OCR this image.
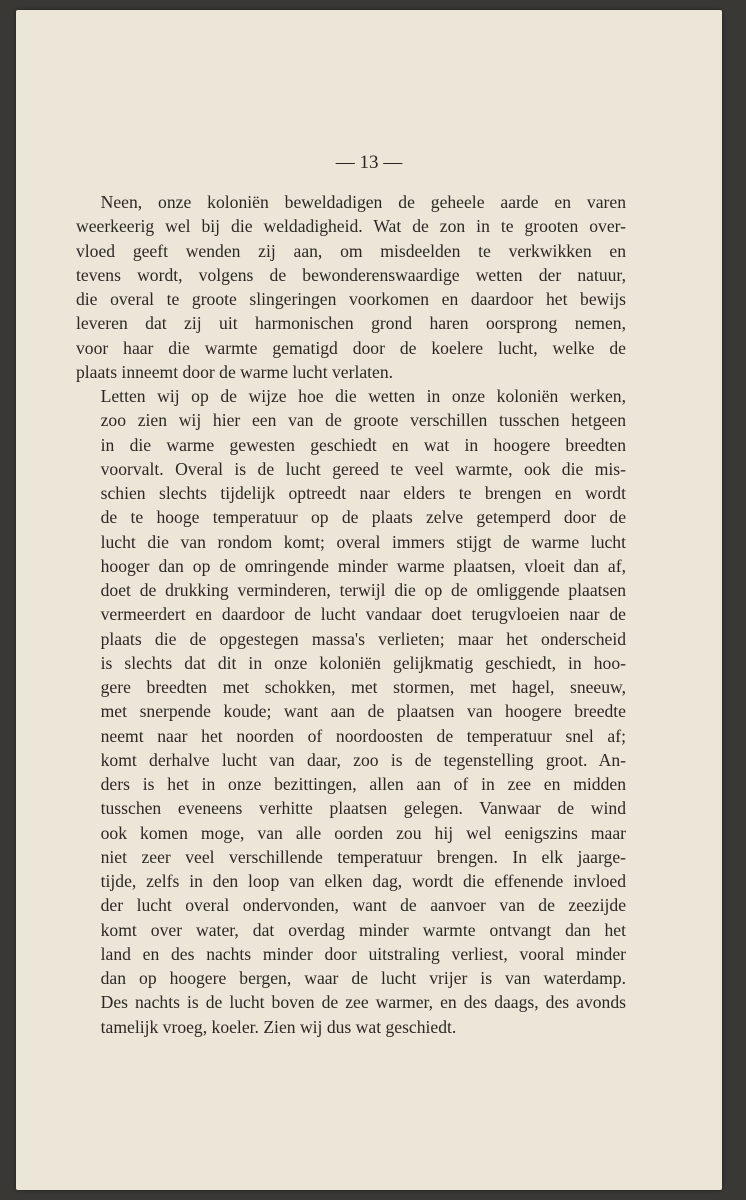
— 13 —

Neen, onze koloniën beweldadigen de geheele aarde en varen
weerkeerig wel bij die weldadigheid. Wat de zon in te grooten over-
vloed geeft wenden zij aan, om misdeelden te verkwikken en
tevens wordt, volgens de bewonderenswaardige wetten der natuur,
die overal te groote slingeringen voorkomen en daardoor het bewijs
leveren dat zij uit harmonischen grond haren oorsprong nemen,
voor haar die warmte gematigd door de koelere lucht, welke de
plaats inneemt door de warme lucht verlaten.

Letten wij op de wijze hoe die wetten in onze koloniën werken,
zoo zien wij hier een van de groote verschillen tusschen hetgeen
in die warme gewesten geschiedt en wat in hoogere breedten
voorvalt. Overal is de lucht gereed te veel warmte, ook die mis-
schien slechts tijdelijk optreedt naar elders te brengen en wordt
de te hooge temperatuur op de plaats zelve getemperd door de
lucht die van rondom komt; overal immers stijgt de warme lucht
hooger dan op de omringende minder warme plaatsen, vloeit dan af,
doet de drukking verminderen, terwijl die op de omliggende plaatsen
vermeerdert en daardoor de lucht vandaar doet terugvloeien naar de
plaats die de opgestegen massa's verlieten; maar het onderscheid
is slechts dat dit in onze koloniën gelijkmatig geschiedt, in hoo-
gere breedten met schokken, met stormen, met hagel, sneeuw,
met snerpende koude; want aan de plaatsen van hoogere breedte
neemt naar het noorden of noordoosten de temperatuur snel af;
komt derhalve lucht van daar, zoo is de tegenstelling groot. An-
ders is het in onze bezittingen, allen aan of in zee en midden
tusschen eveneens verhitte plaatsen gelegen. Vanwaar de wind
ook komen moge, van alle oorden zou hij wel eenigszins maar
niet zeer veel verschillende temperatuur brengen. In elk jaarge-
tijde, zelfs in den loop van elken dag, wordt die effenende invloed
der lucht overal ondervonden, want de aanvoer van de zeezijde
komt over water, dat overdag minder warmte ontvangt dan het
land en des nachts minder door uitstraling verliest, vooral minder
dan op hoogere bergen, waar de lucht vrijer is van waterdamp.
Des nachts is de lucht boven de zee warmer, en des daags, des avonds
tamelijk vroeg, koeler. Zien wij dus wat geschiedt.
